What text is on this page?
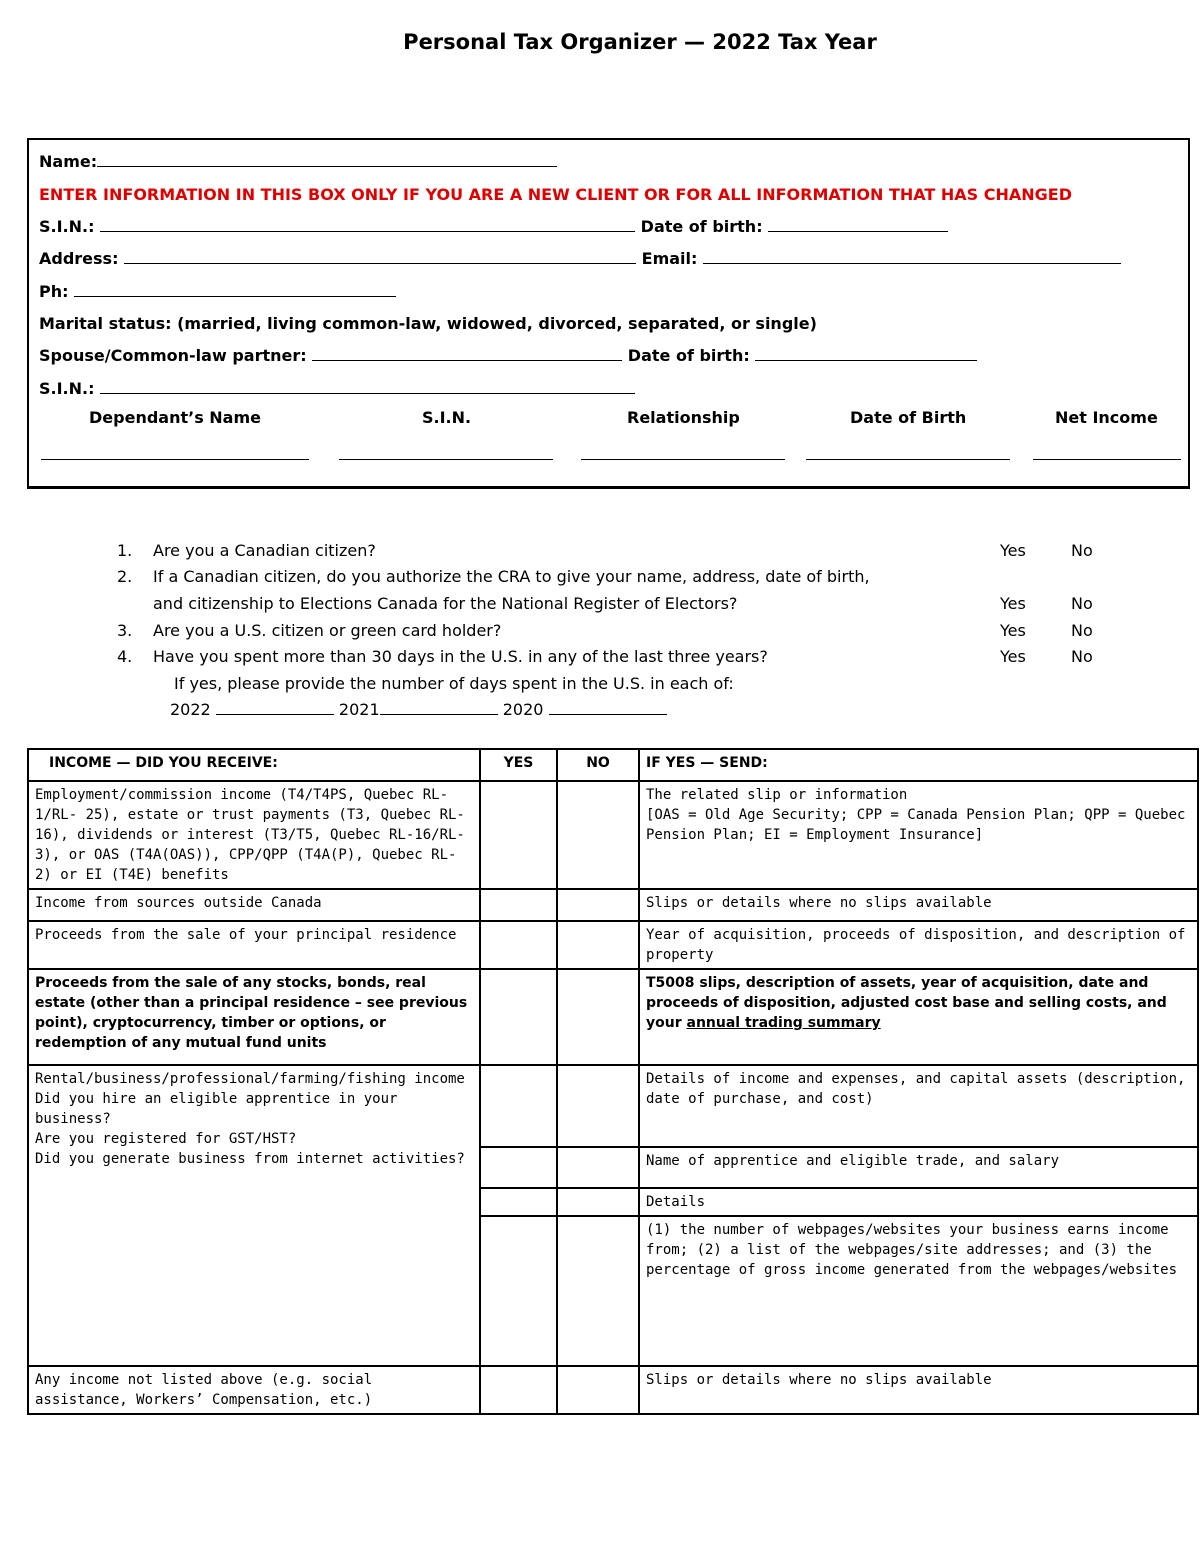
Personal Tax Organizer — 2022 Tax Year
Name:
ENTER INFORMATION IN THIS BOX ONLY IF YOU ARE A NEW CLIENT OR FOR ALL INFORMATION THAT HAS CHANGED
S.I.N.:	Date of birth:
Address:	Email:
Ph:
Marital status: (married, living common-law, widowed, divorced, separated, or single)
Spouse/Common-law partner:	Date of birth:
S.I.N.:
Dependant’s Name	S.I.N.	Relationship	Date of Birth	Net Income
1. Are you a Canadian citizen?	Yes	No
2. If a Canadian citizen, do you authorize the CRA to give your name, address, date of birth,
and citizenship to Elections Canada for the National Register of Electors?	Yes	No
3. Are you a U.S. citizen or green card holder?	Yes	No
4. Have you spent more than 30 days in the U.S. in any of the last three years?	Yes	No
If yes, please provide the number of days spent in the U.S. in each of:
2022	2021	2020
INCOME — DID YOU RECEIVE:	YES	NO	IF YES — SEND:
Employment/commission income (T4/T4PS, Quebec RL-1/RL- 25), estate or trust payments (T3, Quebec RL-16), dividends or interest (T3/T5, Quebec RL-16/RL-3), or OAS (T4A(OAS)), CPP/QPP (T4A(P), Quebec RL-2) or EI (T4E) benefits			The related slip or information
[OAS = Old Age Security; CPP = Canada Pension Plan; QPP = Quebec Pension Plan; EI = Employment Insurance]

Income from sources outside Canada			Slips or details where no slips available
Proceeds from the sale of your principal residence			Year of acquisition, proceeds of disposition, and description of property
Proceeds from the sale of any stocks, bonds, real estate (other than a principal residence – see previous point), cryptocurrency, timber or options, or redemption of any mutual fund units			T5008 slips, description of assets, year of acquisition, date and proceeds of disposition, adjusted cost base and selling costs, and your annual trading summary

Rental/business/professional/farming/fishing income
Did you hire an eligible apprentice in your business?
Are you registered for GST/HST?
Did you generate business from internet activities?			Details of income and expenses, and capital assets (description, date of purchase, and cost)
			Name of apprentice and eligible trade, and salary
			Details
			(1) the number of webpages/websites your business earns income from; (2) a list of the webpages/site addresses; and (3) the percentage of gross income generated from the webpages/websites
Any income not listed above (e.g. social assistance, Workers’ Compensation, etc.)			Slips or details where no slips available
